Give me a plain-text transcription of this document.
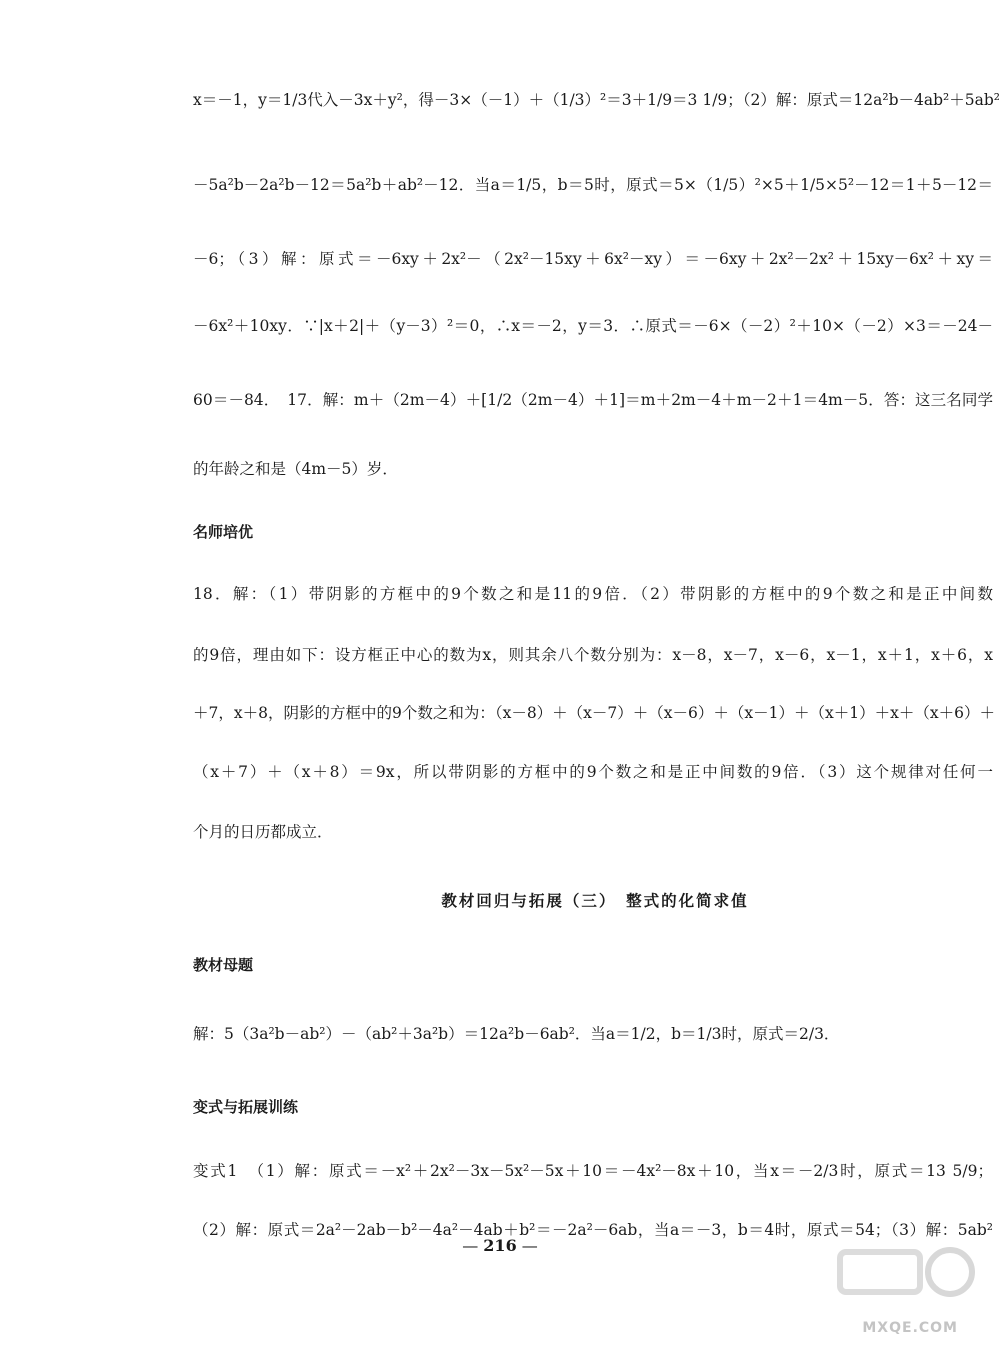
x＝－1，y＝1/3代入－3x＋y²，得－3×（－1）＋（1/3）²＝3＋1/9＝3 1/9；（2）解：原式＝12a²b－4ab²＋5ab²
－5a²b－2a²b－12＝5a²b＋ab²－12．当a＝1/5，b＝5时，原式＝5×（1/5）²×5＋1/5×5²－12＝1＋5－12＝
－6；（3）解：原式＝－6xy＋2x²－（2x²－15xy＋6x²－xy）＝－6xy＋2x²－2x²＋15xy－6x²＋xy＝
－6x²＋10xy．∵|x＋2|＋（y－3）²＝0，∴x＝－2，y＝3．∴原式＝－6×（－2）²＋10×（－2）×3＝－24－
60＝－84．　17．解：m＋（2m－4）＋[1/2（2m－4）＋1]＝m＋2m－4＋m－2＋1＝4m－5．答：这三名同学
的年龄之和是（4m－5）岁．
名师培优
18．解：（1）带阴影的方框中的9个数之和是11的9倍．（2）带阴影的方框中的9个数之和是正中间数
的9倍，理由如下：设方框正中心的数为x，则其余八个数分别为：x－8，x－7，x－6，x－1，x＋1，x＋6，x
＋7，x＋8，阴影的方框中的9个数之和为：（x－8）＋（x－7）＋（x－6）＋（x－1）＋（x＋1）＋x＋（x＋6）＋
（x＋7）＋（x＋8）＝9x，所以带阴影的方框中的9个数之和是正中间数的9倍．（3）这个规律对任何一
个月的日历都成立．
教材回归与拓展（三）　整式的化简求值
教材母题
解：5（3a²b－ab²）－（ab²＋3a²b）＝12a²b－6ab²．当a＝1/2，b＝1/3时，原式＝2/3．
变式与拓展训练
变式1　（1）解：原式＝－x²＋2x²－3x－5x²－5x＋10＝－4x²－8x＋10，当x＝－2/3时，原式＝13 5/9；
（2）解：原式＝2a²－2ab－b²－4a²－4ab＋b²＝－2a²－6ab，当a＝－3，b＝4时，原式＝54；（3）解：5ab²
— 216 —
MXQE.COM
